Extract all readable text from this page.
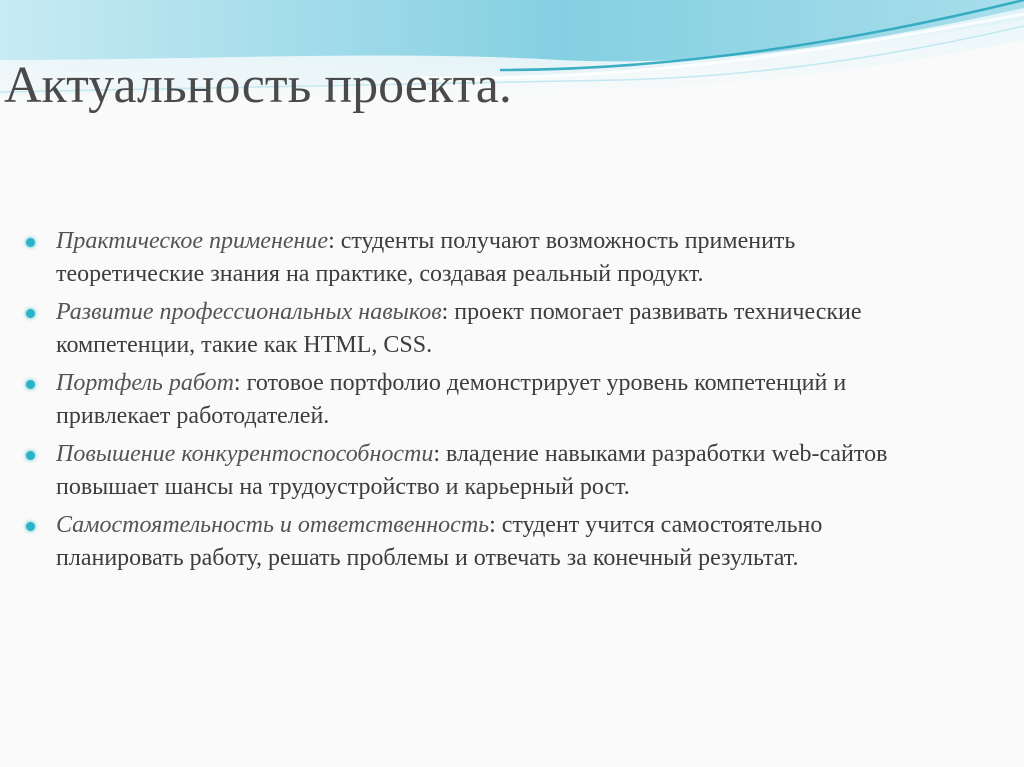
Актуальность проекта.
Практическое применение: студенты получают возможность применить теоретические знания на практике, создавая реальный продукт.
Развитие профессиональных навыков: проект помогает развивать технические компетенции, такие как HTML, CSS.
Портфель работ: готовое портфолио демонстрирует уровень компетенций и привлекает работодателей.
Повышение конкурентоспособности: владение навыками разработки web-сайтов повышает шансы на трудоустройство и карьерный рост.
Самостоятельность и ответственность: студент учится самостоятельно планировать работу, решать проблемы и отвечать за конечный результат.
